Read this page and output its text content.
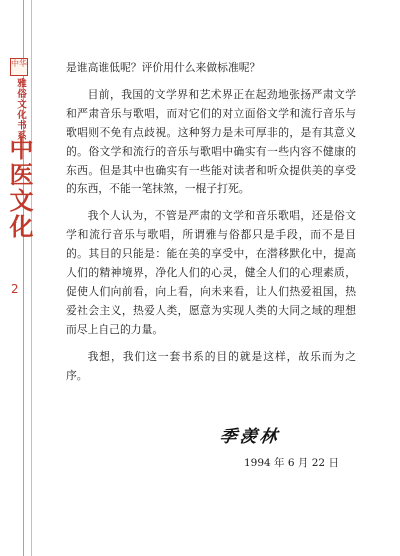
中华
雅俗文化书系
中医文化
2

是谁高谁低呢？评价用什么来做标准呢？

目前，我国的文学界和艺术界正在起劲地张扬严肃文学和严肃音乐与歌唱，而对它们的对立面俗文学和流行音乐与歌唱则不免有点歧視。这种努力是未可厚非的，是有其意义的。俗文学和流行的音乐与歌唱中确实有一些内容不健康的东西。但是其中也确实有一些能对读者和听众提供美的享受的东西，不能一笔抹煞，一棍子打死。

我个人认为，不管是严肃的文学和音乐歌唱，还是俗文学和流行音乐与歌唱，所谓雅与俗都只是手段，而不是目的。其目的只能是：能在美的享受中，在潜移默化中，提高人们的精神境界，净化人们的心灵，健全人们的心理素质，促使人们向前看，向上看，向未来看，让人们热爱祖国，热爱社会主义，热爱人类，愿意为实现人类的大同之域的理想而尽上自己的力量。

我想，我们这一套书系的目的就是这样，故乐而为之序。

季羡林
1994 年 6 月 22 日
